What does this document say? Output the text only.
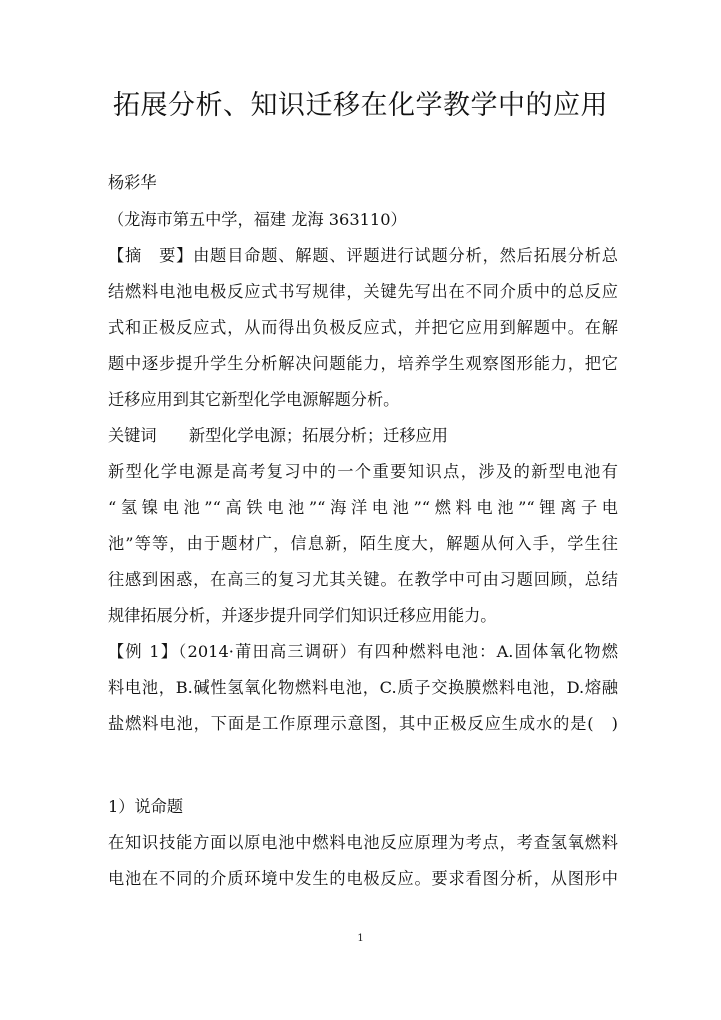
拓展分析、知识迁移在化学教学中的应用
杨彩华
（龙海市第五中学，福建 龙海 363110）
【摘　要】由题目命题、解题、评题进行试题分析，然后拓展分析总
结燃料电池电极反应式书写规律，关键先写出在不同介质中的总反应
式和正极反应式，从而得出负极反应式，并把它应用到解题中。在解
题中逐步提升学生分析解决问题能力，培养学生观察图形能力，把它
迁移应用到其它新型化学电源解题分析。
关键词　　新型化学电源；拓展分析；迁移应用
新型化学电源是高考复习中的一个重要知识点，涉及的新型电池有
“氢镍电池”“高铁电池”“海洋电池”“燃料电池”“锂离子电
池”等等，由于题材广，信息新，陌生度大，解题从何入手，学生往
往感到困惑，在高三的复习尤其关键。在教学中可由习题回顾，总结
规律拓展分析，并逐步提升同学们知识迁移应用能力。
【例 1】（2014·莆田高三调研）有四种燃料电池：A.固体氧化物燃
料电池，B.碱性氢氧化物燃料电池，C.质子交换膜燃料电池，D.熔融
盐燃料电池，下面是工作原理示意图，其中正极反应生成水的是(　)
1）说命题
在知识技能方面以原电池中燃料电池反应原理为考点，考查氢氧燃料
电池在不同的介质环境中发生的电极反应。要求看图分析，从图形中
1
